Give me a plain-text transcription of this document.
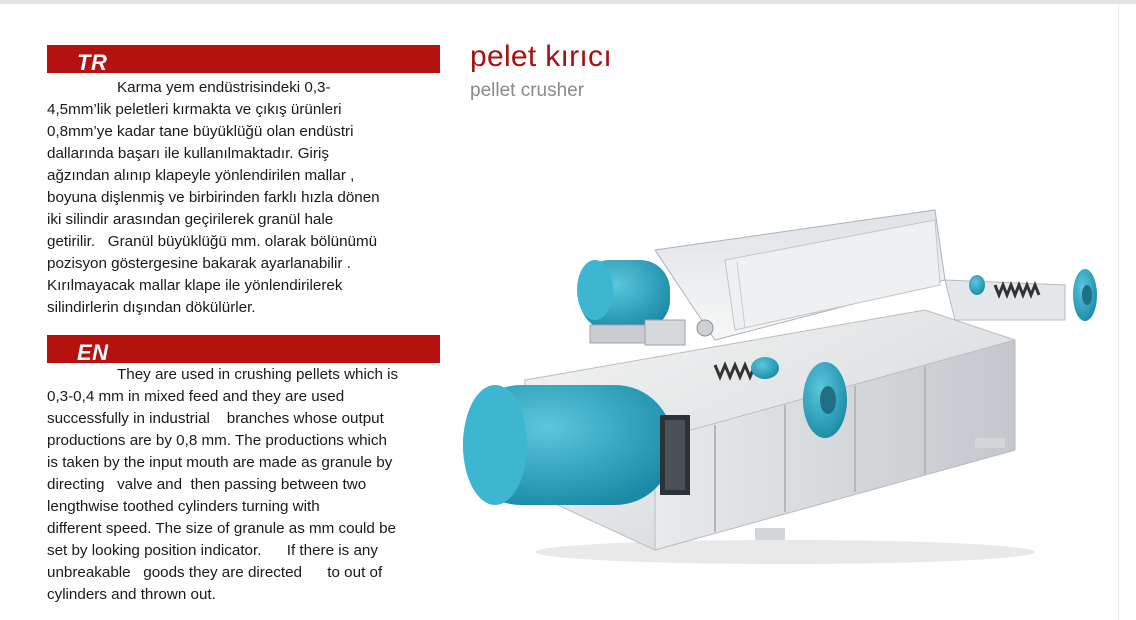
TR
Karma yem endüstrisindeki 0,3-
4,5mm’lik peletleri kırmakta ve çıkış ürünleri
0,8mm’ye kadar tane büyüklüğü olan endüstri
dallarında başarı ile kullanılmaktadır. Giriş
ağzından alınıp klapeyle yönlendirilen mallar ,
boyuna dişlenmiş ve birbirinden farklı hızla dönen
iki silindir arasından geçirilerek granül hale
getirilir.   Granül büyüklüğü mm. olarak bölünümü
pozisyon göstergesine bakarak ayarlanabilir .
Kırılmayacak mallar klape ile yönlendirilerek
silindirlerin dışından dökülürler.
EN
They are used in crushing pellets which is
0,3-0,4 mm in mixed feed and they are used
successfully in industrial    branches whose output
productions are by 0,8 mm. The productions which
is taken by the input mouth are made as granule by
directing   valve and  then passing between two
lengthwise toothed cylinders turning with
different speed. The size of granule as mm could be
set by looking position indicator.      If there is any
unbreakable   goods they are directed      to out of
cylinders and thrown out.
pelet kırıcı
pellet crusher
